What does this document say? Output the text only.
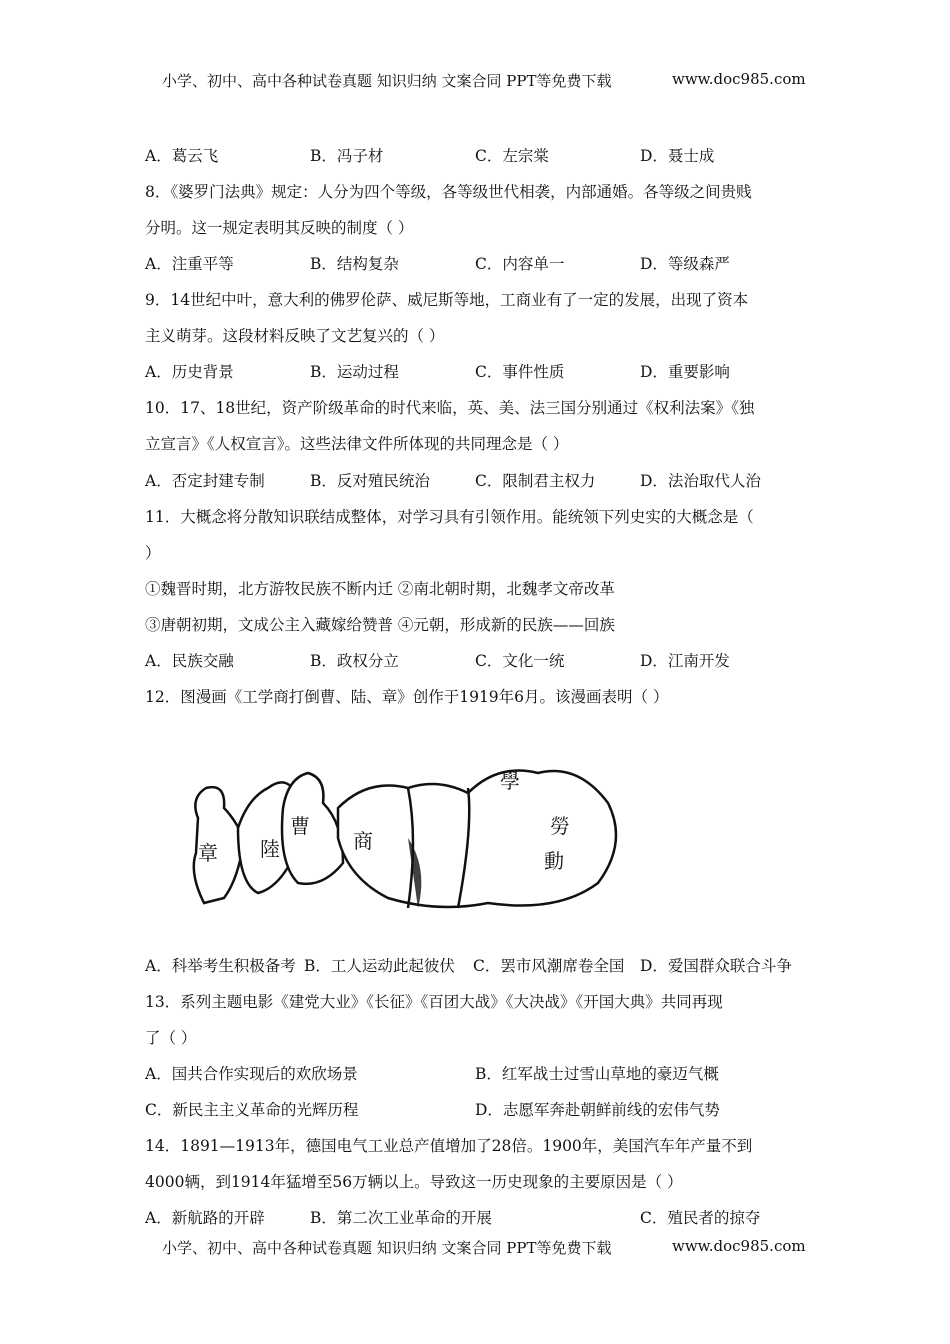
小学、初中、高中各种试卷真题 知识归纳 文案合同 PPT等免费下载	www.doc985.com
A．葛云飞	B．冯子材	C．左宗棠	D．聂士成
8．《婆罗门法典》规定：人分为四个等级，各等级世代相袭，内部通婚。各等级之间贵贱
分明。这一规定表明其反映的制度（ ）
A．注重平等	B．结构复杂	C．内容单一	D．等级森严
9．14世纪中叶，意大利的佛罗伦萨、威尼斯等地，工商业有了一定的发展，出现了资本
主义萌芽。这段材料反映了文艺复兴的（ ）
A．历史背景	B．运动过程	C．事件性质	D．重要影响
10．17、18世纪，资产阶级革命的时代来临，英、美、法三国分别通过《权利法案》《独
立宣言》《人权宣言》。这些法律文件所体现的共同理念是（ ）
A．否定封建专制	B．反对殖民统治	C．限制君主权力	D．法治取代人治
11．大概念将分散知识联结成整体，对学习具有引领作用。能统领下列史实的大概念是（
）
①魏晋时期，北方游牧民族不断内迁 ②南北朝时期，北魏孝文帝改革
③唐朝初期，文成公主入藏嫁给赞普 ④元朝，形成新的民族——回族
A．民族交融	B．政权分立	C．文化一统	D．江南开发
12．图漫画《工学商打倒曹、陆、章》创作于1919年6月。该漫画表明（ ）
章 陸
曹
商
學
勞
動
A．科举考生积极备考 B．工人运动此起彼伏 C．罢市风潮席卷全国 D．爱国群众联合斗争
13．系列主题电影《建党大业》《长征》《百团大战》《大决战》《开国大典》共同再现
了（ ）
A．国共合作实现后的欢欣场景	B．红军战士过雪山草地的豪迈气概
C．新民主主义革命的光辉历程	D．志愿军奔赴朝鲜前线的宏伟气势
14．1891—1913年，德国电气工业总产值增加了28倍。1900年，美国汽车年产量不到
4000辆，到1914年猛增至56万辆以上。导致这一历史现象的主要原因是（ ）
A．新航路的开辟	B．第二次工业革命的开展	C．殖民者的掠夺
小学、初中、高中各种试卷真题 知识归纳 文案合同 PPT等免费下载	www.doc985.com
